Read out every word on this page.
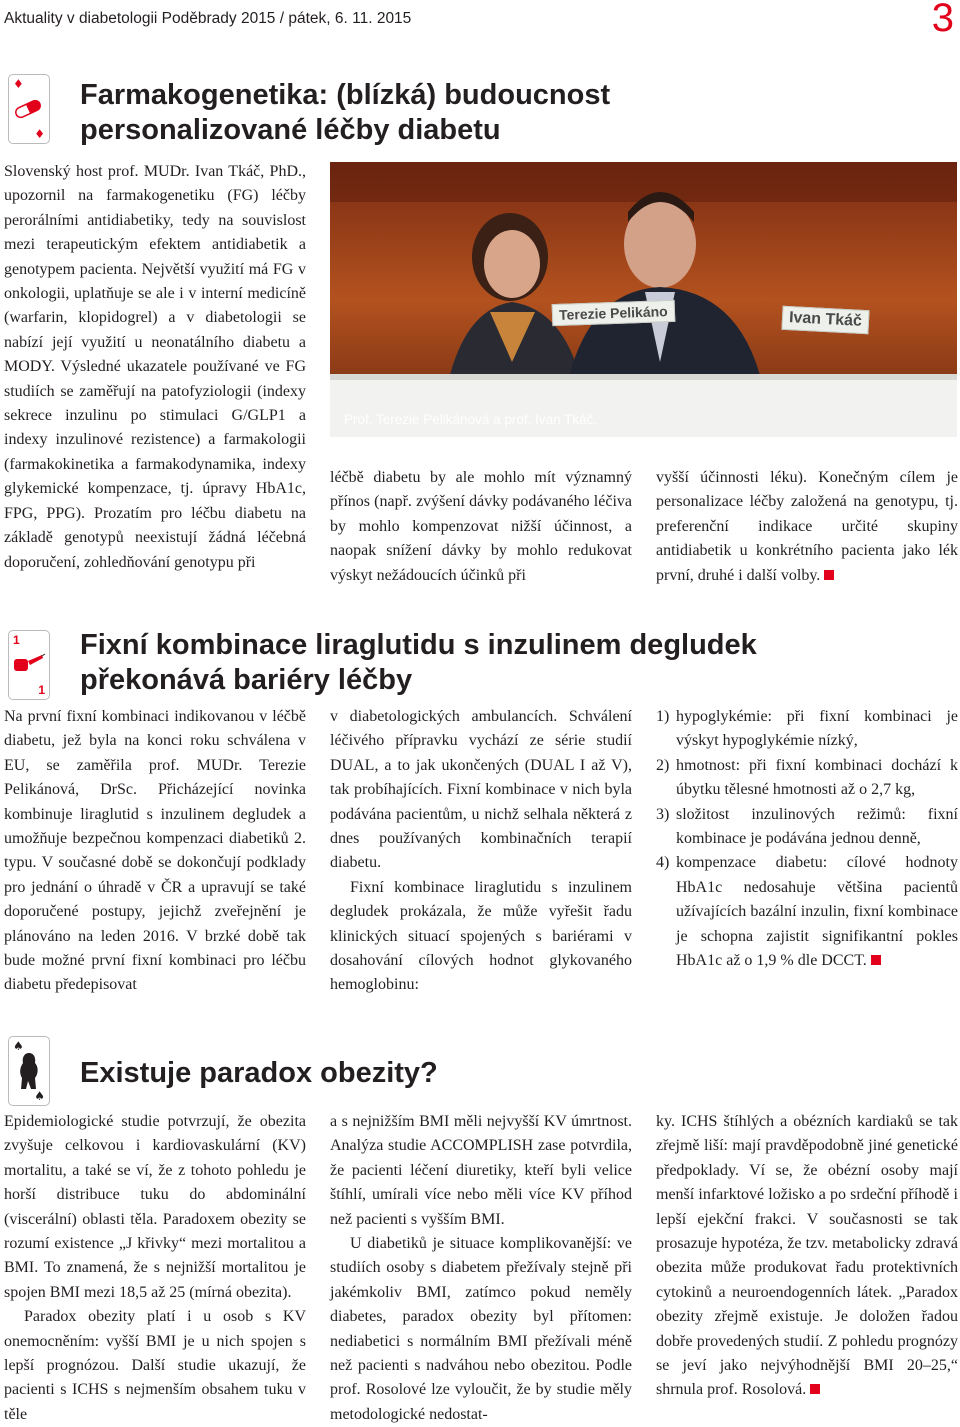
Aktuality v diabetologii Poděbrady 2015 / pátek, 6. 11. 2015	3
♦
♦
Farmakogenetika: (blízká) budoucnost
personalizované léčby diabetu

Slovenský host prof. MUDr. Ivan Tkáč, PhD., upozornil na farmakogenetiku (FG) léčby perorálními antidiabetiky, tedy na souvislost mezi terapeutickým efektem antidiabetik a genotypem pacienta. Největší využití má FG v onkologii, uplatňuje se ale i v interní medicíně (warfarin, klopidogrel) a v diabetologii se nabízí její využití u neonatálního diabetu a MODY. Výsledné ukazatele používané ve FG studiích se zaměřují na patofyziologii (indexy sekrece inzulinu po stimulaci G/GLP1 a indexy inzulinové rezistence) a farmakologii (farmakokinetika a farmakodynamika, indexy glykemické kompenzace, tj. úpravy HbA1c, FPG, PPG). Prozatím pro léčbu diabetu na základě genotypů neexistují žádná léčebná doporučení, zohledňování genotypu při

Terezie Pelikáno	Ivan Tkáč
Prof. Terezie Pelikánová a prof. Ivan Tkáč.

léčbě diabetu by ale mohlo mít významný přínos (např. zvýšení dávky podávaného léčiva by mohlo kompenzovat nižší účinnost, a naopak snížení dávky by mohlo redukovat výskyt nežádoucích účinků při

vyšší účinnosti léku). Konečným cílem je personalizace léčby založená na genotypu, tj. preferenční indikace určité skupiny antidiabetik u konkrétního pacienta jako lék první, druhé i další volby.

1
1
Fixní kombinace liraglutidu s inzulinem degludek
překonává bariéry léčby

Na první fixní kombinaci indikovanou v léčbě diabetu, jež byla na konci roku schválena v EU, se zaměřila prof. MUDr. Terezie Pelikánová, DrSc. Přicházející novinka kombinuje liraglutid s inzulinem degludek a umožňuje bezpečnou kompenzaci diabetiků 2. typu. V současné době se dokončují podklady pro jednání o úhradě v ČR a upravují se také doporučené postupy, jejichž zveřejnění je plánováno na leden 2016. V brzké době tak bude možné první fixní kombinaci pro léčbu diabetu předepisovat

v diabetologických ambulancích. Schválení léčivého přípravku vychází ze série studií DUAL, a to jak ukončených (DUAL I až V), tak probíhajících. Fixní kombinace v nich byla podávána pacientům, u nichž selhala některá z dnes používaných kombinačních terapií diabetu.

Fixní kombinace liraglutidu s inzulinem degludek prokázala, že může vyřešit řadu klinických situací spojených s bariérami v dosahování cílových hodnot glykovaného hemoglobinu:

1) hypoglykémie: při fixní kombinaci je výskyt hypoglykémie nízký,
2) hmotnost: při fixní kombinaci dochází k úbytku tělesné hmotnosti až o 2,7 kg,
3) složitost inzulinových režimů: fixní kombinace je podávána jednou denně,
4) kompenzace diabetu: cílové hodnoty HbA1c nedosahuje většina pacientů užívajících bazální inzulin, fixní kombinace je schopna zajistit signifikantní pokles HbA1c až o 1,9 % dle DCCT.
♠
♠
Existuje paradox obezity?

Epidemiologické studie potvrzují, že obezita zvyšuje celkovou i kardiovaskulární (KV) mortalitu, a také se ví, že z tohoto pohledu je horší distribuce tuku do abdominální (viscerální) oblasti těla. Paradoxem obezity se rozumí existence „J křivky“ mezi mortalitou a BMI. To znamená, že s nejnižší mortalitou je spojen BMI mezi 18,5 až 25 (mírná obezita).

Paradox obezity platí i u osob s KV onemocněním: vyšší BMI je u nich spojen s lepší prognózou. Další studie ukazují, že pacienti s ICHS s nejmenším obsahem tuku v těle

a s nejnižším BMI měli nejvyšší KV úmrtnost. Analýza studie ACCOMPLISH zase potvrdila, že pacienti léčení diuretiky, kteří byli velice štíhlí, umírali více nebo měli více KV příhod než pacienti s vyšším BMI.

U diabetiků je situace komplikovanější: ve studiích osoby s diabetem přežívaly stejně při jakémkoliv BMI, zatímco pokud neměly diabetes, paradox obezity byl přítomen: nediabetici s normálním BMI přežívali méně než pacienti s nadváhou nebo obezitou. Podle prof. Rosolové lze vyloučit, že by studie měly metodologické nedostat-

ky. ICHS štíhlých a obézních kardiaků se tak zřejmě liší: mají pravděpodobně jiné genetické předpoklady. Ví se, že obézní osoby mají menší infarktové ložisko a po srdeční příhodě i lepší ejekční frakci. V současnosti se tak prosazuje hypotéza, že tzv. metabolicky zdravá obezita může produkovat řadu protektivních cytokinů a neuroendogenních látek. „Paradox obezity zřejmě existuje. Je doložen řadou dobře provedených studií. Z pohledu prognózy se jeví jako nejvýhodnější BMI 20–25,“ shrnula prof. Rosolová.
